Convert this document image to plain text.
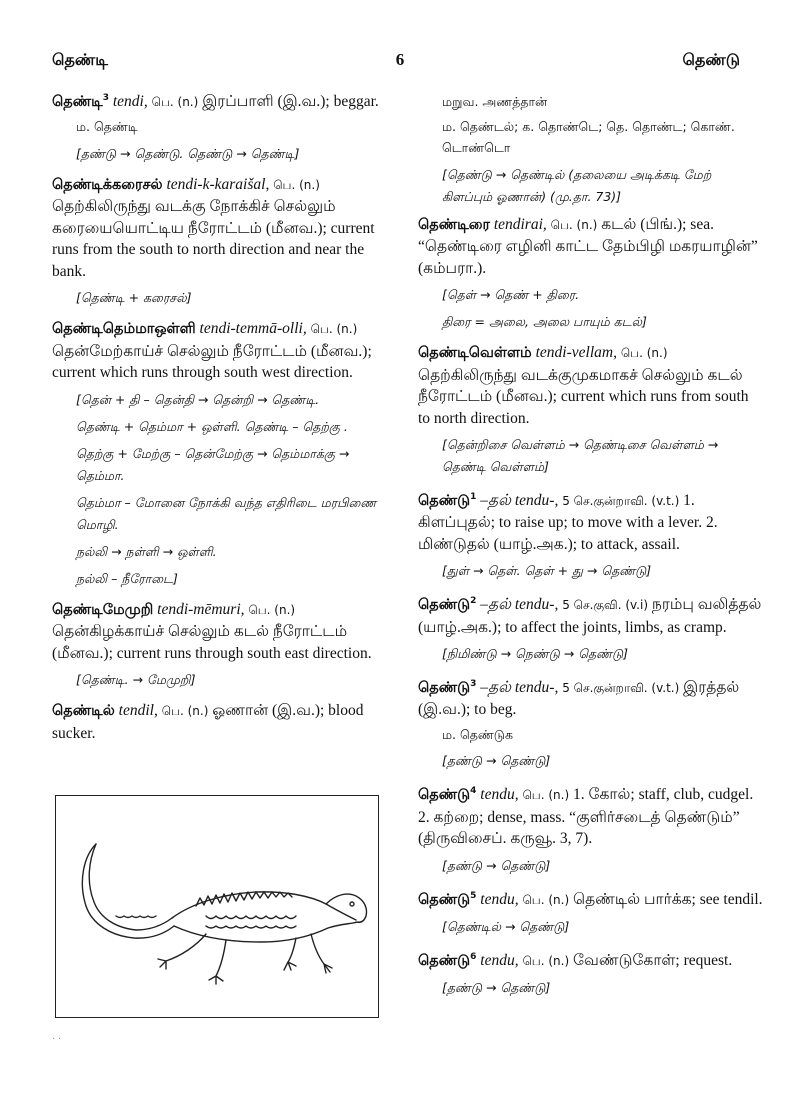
தெண்டி	6	தெண்டு
தெண்டி$^3$ tendi, பெ. (n.) இரப்பாளி (இ.வ.); beggar.
ம. தெண்டி
[தண்டு → தெண்டு. தெண்டு → தெண்டி]
தெண்டிக்கரைசல் tendi-k-karaišal, பெ. (n.) தெற்கிலிருந்து வடக்கு நோக்கிச் செல்லும் கரையையொட்டிய நீரோட்டம் (மீனவ.); current runs from the south to north direction and near the bank.
[தெண்டி + கரைசல்]
தெண்டிதெம்மாஒள்ளி tendi-temmā-olli, பெ. (n.) தென்மேற்காய்ச் செல்லும் நீரோட்டம் (மீனவ.); current which runs through south west direction.
[தென் + தி – தென்தி → தென்றி → தெண்டி.
தெண்டி + தெம்மா + ஒள்ளி. தெண்டி – தெற்கு .
தெற்கு + மேற்கு – தென்மேற்கு → தெம்மாக்கு → தெம்மா.
தெம்மா – மோனை நோக்கி வந்த எதிரிடை மரபிணை மொழி.
நல்லி → நள்ளி → ஒள்ளி.
நல்லி – நீரோடை]
தெண்டிமேமுறி tendi-mēmuri, பெ. (n.) தென்கிழக்காய்ச் செல்லும் கடல் நீரோட்டம் (மீனவ.); current runs through south east direction.
[தெண்டி. → மேமுறி]
தெண்டில் tendil, பெ. (n.) ஓணான் (இ.வ.); blood sucker.
மறுவ. அணத்தான்
ம. தெண்டல்; க. தொண்டெ; தெ. தொண்ட; கொண். டொண்டொ
[தெண்டு → தெண்டில் (தலையை அடிக்கடி மேற் கிளப்பும் ஓணான்) (மு.தா. 73)]
தெண்டிரை tendirai, பெ. (n.) கடல் (பிங்.); sea. “தெண்டிரை எழினி காட்ட தேம்பிழி மகரயாழின்” (கம்பரா.).
[தெள் → தெண் + திரை.
திரை = அலை, அலை பாயும் கடல்]
தெண்டிவெள்ளம் tendi-vellam, பெ. (n.) தெற்கிலிருந்து வடக்குமுகமாகச் செல்லும் கடல் நீரோட்டம் (மீனவ.); current which runs from south to north direction.
[தென்றிசை வெள்ளம் → தெண்டிசை வெள்ளம் → தெண்டி வெள்ளம்]
தெண்டு$^1$ –தல் tendu-, 5 செ.குன்றாவி. (v.t.) 1. கிளப்புதல்; to raise up; to move with a lever. 2. மிண்டுதல் (யாழ்.அக.); to attack, assail.
[துள் → தெள். தெள் + து → தெண்டு]
தெண்டு$^2$ –தல் tendu-, 5 செ.குவி. (v.i) நரம்பு வலித்தல் (யாழ்.அக.); to affect the joints, limbs, as cramp.
[நிமிண்டு → நெண்டு → தெண்டு]
தெண்டு$^3$ –தல் tendu-, 5 செ.குன்றாவி. (v.t.) இரத்தல் (இ.வ.); to beg.
ம. தெண்டுக
[தண்டு → தெண்டு]
தெண்டு$^4$ tendu, பெ. (n.) 1. கோல்; staff, club, cudgel. 2. கற்றை; dense, mass. “குளிர்சடைத் தெண்டும்” (திருவிசைப். கருவூ. 3, 7).
[தண்டு → தெண்டு]
தெண்டு$^5$ tendu, பெ. (n.) தெண்டில் பார்க்க; see tendil.
[தெண்டில் → தெண்டு]
தெண்டு$^6$ tendu, பெ. (n.) வேண்டுகோள்; request.
[தண்டு → தெண்டு]
· ·
